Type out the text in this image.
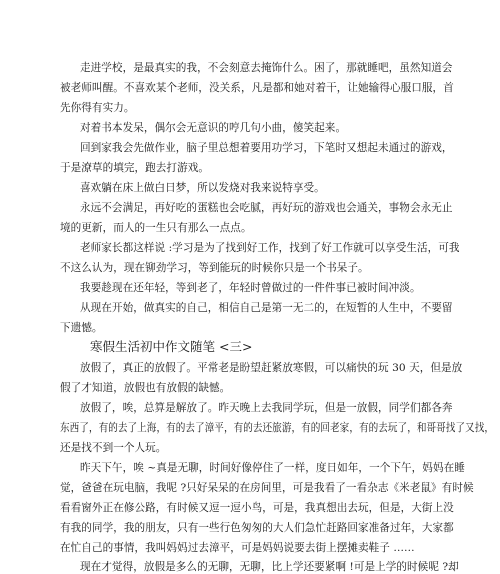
走进学校，是最真实的我，不会刻意去掩饰什么。困了，那就睡吧，虽然知道会
被老师叫醒。不喜欢某个老师，没关系，凡是都和她对着干，让她输得心服口服，首
先你得有实力。
对着书本发呆，偶尔会无意识的哼几句小曲，傻笑起来。
回到家我会先做作业，脑子里总想着要用功学习，下笔时又想起未通过的游戏，
于是潦草的填完，跑去打游戏。
喜欢躺在床上做白日梦，所以发烧对我来说特享受。
永远不会满足，再好吃的蛋糕也会吃腻，再好玩的游戏也会通关，事物会永无止
境的更新，而人的一生只有那么一点点。
老师家长都这样说 :学习是为了找到好工作，找到了好工作就可以享受生活，可我
不这么认为，现在铆劲学习，等到能玩的时候你只是一个书呆子。
我要趁现在还年轻，等到老了，年轻时曾做过的一件件事已被时间冲淡。
从现在开始，做真实的自己，相信自己是第一无二的，在短暂的人生中，不要留
下遗憾。
寒假生活初中作文随笔 <三>
放假了，真正的放假了。平常老是盼望赶紧放寒假，可以痛快的玩 30 天，但是放
假了才知道，放假也有放假的缺憾。
放假了，唉，总算是解放了。昨天晚上去我同学玩，但是一放假，同学们都各奔
东西了，有的去了上海，有的去了漳平，有的去还旅游，有的回老家，有的去玩了，和哥哥找了又找，
还是找不到一个人玩。
昨天下午，唉 ~真是无聊，时间好像停住了一样，度日如年，一个下午，妈妈在睡
觉，爸爸在玩电脑，我呢 ?只好呆呆的在房间里，可是我看了一看杂志《米老鼠》有时候
看看窗外正在修公路，有时候又逗一逗小鸟，可是，我真想出去玩，但是，大街上没
有我的同学，我的朋友，只有一些行色匆匆的大人们急忙赶路回家准备过年，大家都
在忙自己的事情，我叫妈妈过去漳平，可是妈妈说要去街上摆摊卖鞋子 ……
现在才觉得，放假是多么的无聊，无聊，比上学还要紧啊 !可是上学的时候呢 ?却
